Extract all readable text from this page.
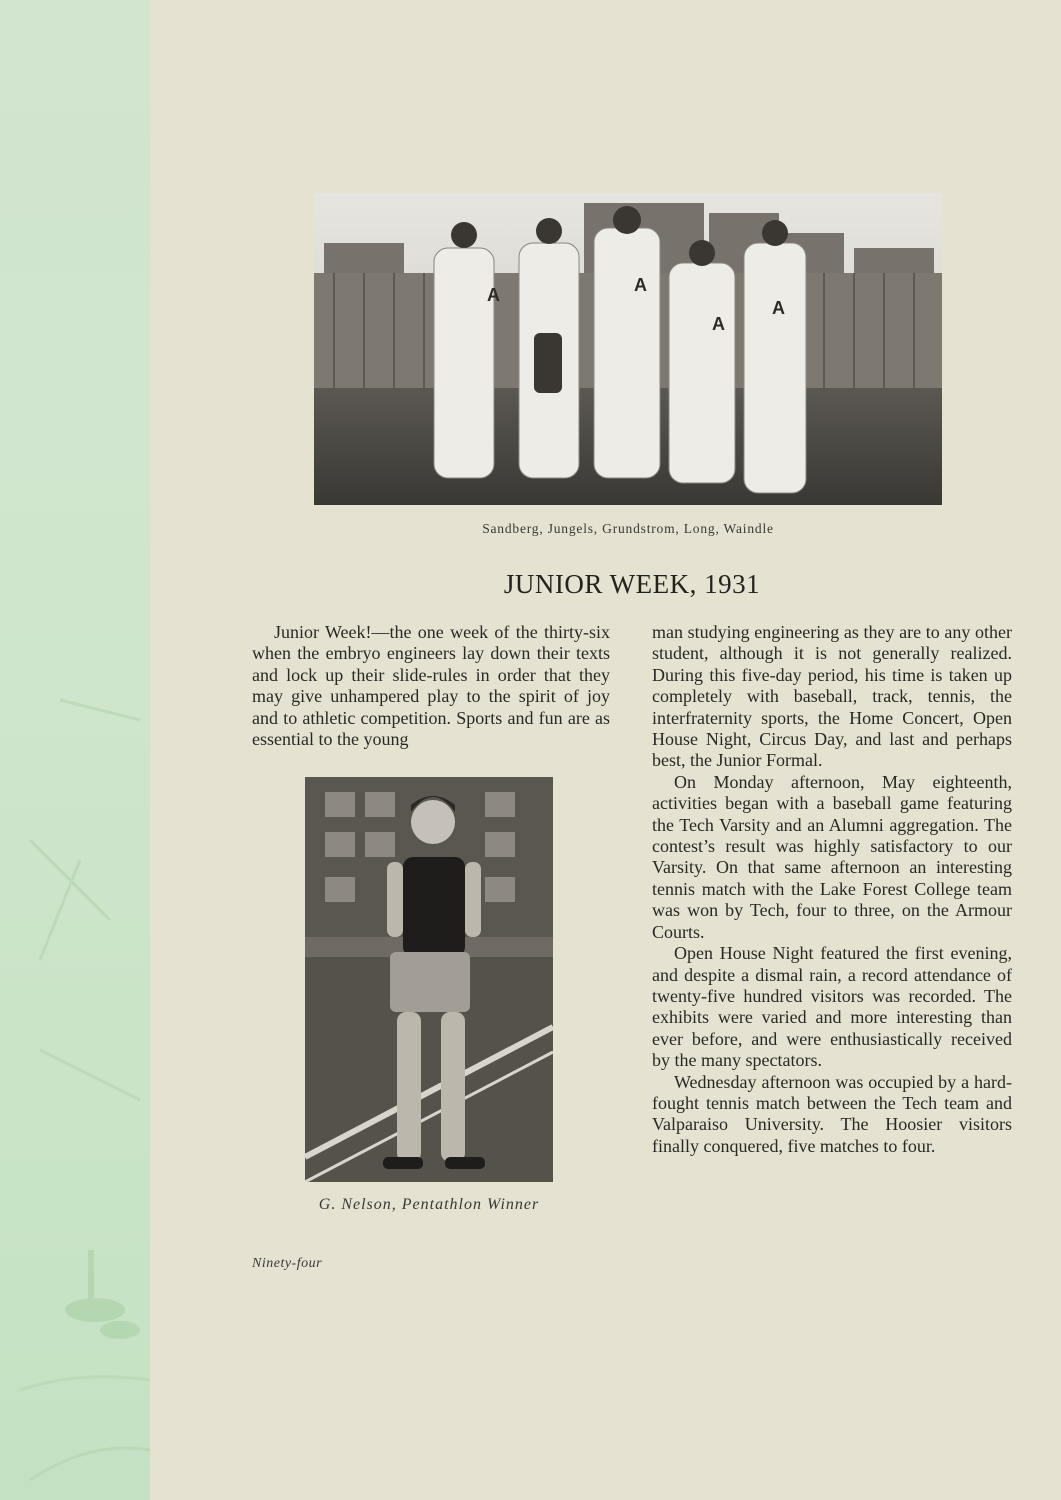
A	A
A
A
Sandberg, Jungels, Grundstrom, Long, Waindle
JUNIOR WEEK, 1931

Junior Week!—the one week of the thirty-six when the embryo engineers lay down their texts and lock up their slide-rules in order that they may give unhampered play to the spirit of joy and to athletic competition. Sports and fun are as essential to the young

G. Nelson, Pentathlon Winner

man studying engineering as they are to any other student, although it is not generally realized. During this five-day period, his time is taken up completely with baseball, track, tennis, the interfraternity sports, the Home Concert, Open House Night, Circus Day, and last and perhaps best, the Junior Formal.

On Monday afternoon, May eighteenth, activities began with a baseball game featuring the Tech Varsity and an Alumni aggregation. The contest’s result was highly satisfactory to our Varsity. On that same afternoon an interesting tennis match with the Lake Forest College team was won by Tech, four to three, on the Armour Courts.

Open House Night featured the first evening, and despite a dismal rain, a record attendance of twenty-five hundred visitors was recorded. The exhibits were varied and more interesting than ever before, and were enthusiastically received by the many spectators.

Wednesday afternoon was occupied by a hard-fought tennis match between the Tech team and Valparaiso University. The Hoosier visitors finally conquered, five matches to four.

Ninety-four
